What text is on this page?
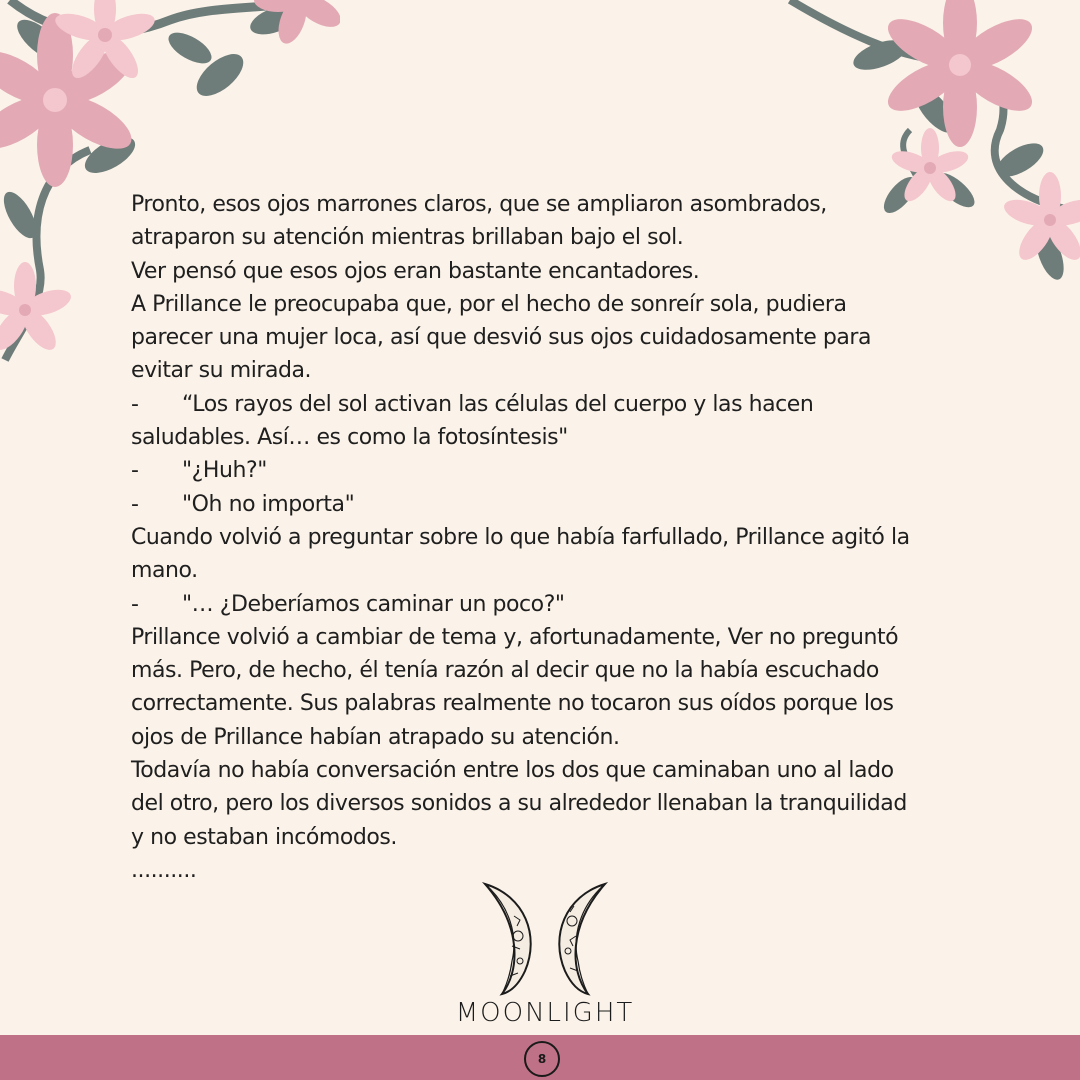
Pronto, esos ojos marrones claros, que se ampliaron asombrados, atraparon su atención mientras brillaban bajo el sol.

Ver pensó que esos ojos eran bastante encantadores.

A Prillance le preocupaba que, por el hecho de sonreír sola, pudiera parecer una mujer loca, así que desvió sus ojos cuidadosamente para evitar su mirada.

- “Los rayos del sol activan las células del cuerpo y las hacen saludables. Así… es como la fotosíntesis"

- "¿Huh?"

- "Oh no importa"

Cuando volvió a preguntar sobre lo que había farfullado, Prillance agitó la mano.

- "… ¿Deberíamos caminar un poco?"

Prillance volvió a cambiar de tema y, afortunadamente, Ver no preguntó más. Pero, de hecho, él tenía razón al decir que no la había escuchado correctamente. Sus palabras realmente no tocaron sus oídos porque los ojos de Prillance habían atrapado su atención.

Todavía no había conversación entre los dos que caminaban uno al lado del otro, pero los diversos sonidos a su alrededor llenaban la tranquilidad y no estaban incómodos.

..........

MOONLIGHT
8
